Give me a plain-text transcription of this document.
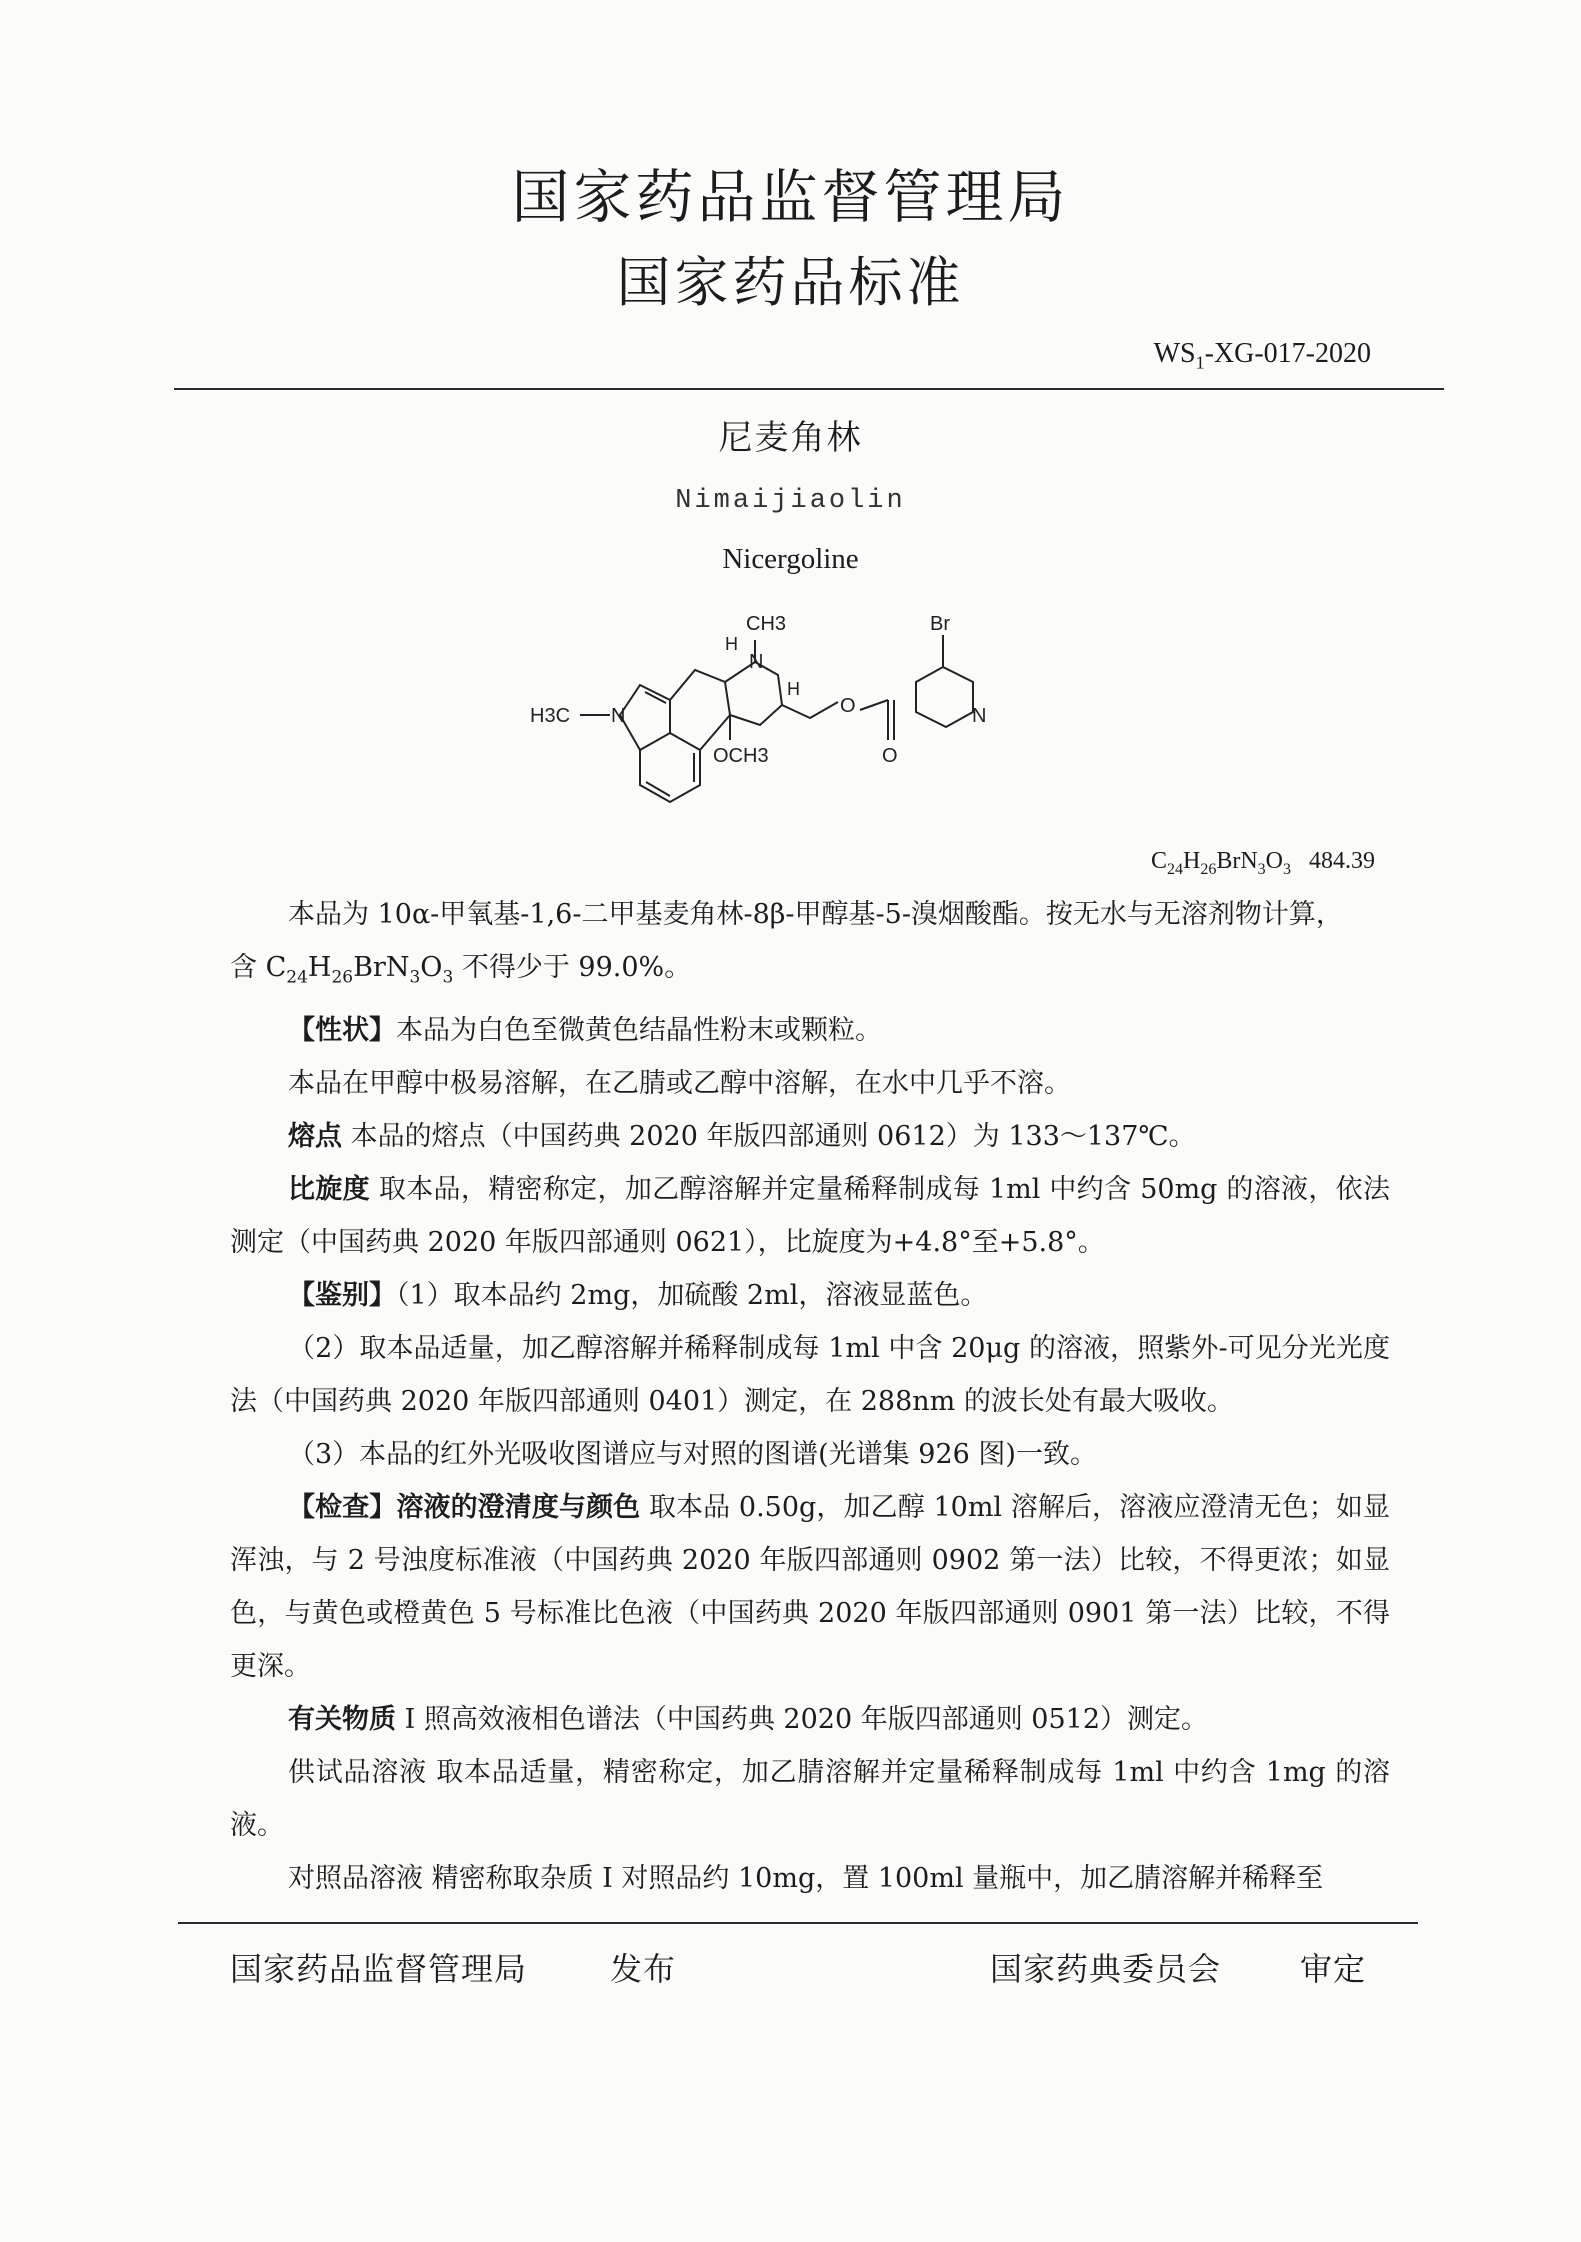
国家药品监督管理局
国家药品标准
$WS_1-XG-017-2020$
尼麦角林
Nimaijiaolin
Nicergoline
CH3
H
N
H3C N
H
O
O
OCH3
Br
N
$C_{24}H_{26}BrN_3O_3$ 484.39

本品为 10α-甲氧基-1,6-二甲基麦角林-8β-甲醇基-5-溴烟酸酯。按无水与无溶剂物计算，

含 $C_{24}H_{26}BrN_3O_3$ 不得少于 99.0%。

【性状】本品为白色至微黄色结晶性粉末或颗粒。

本品在甲醇中极易溶解，在乙腈或乙醇中溶解，在水中几乎不溶。

熔点 本品的熔点（中国药典 2020 年版四部通则 0612）为 133～137℃。

比旋度 取本品，精密称定，加乙醇溶解并定量稀释制成每 1ml 中约含 50mg 的溶液，依法测定（中国药典 2020 年版四部通则 0621），比旋度为+4.8°至+5.8°。

【鉴别】（1）取本品约 2mg，加硫酸 2ml，溶液显蓝色。

（2）取本品适量，加乙醇溶解并稀释制成每 1ml 中含 20μg 的溶液，照紫外-可见分光光度法（中国药典 2020 年版四部通则 0401）测定，在 288nm 的波长处有最大吸收。

（3）本品的红外光吸收图谱应与对照的图谱(光谱集 926 图)一致。

【检查】溶液的澄清度与颜色 取本品 0.50g，加乙醇 10ml 溶解后，溶液应澄清无色；如显浑浊，与 2 号浊度标准液（中国药典 2020 年版四部通则 0902 第一法）比较，不得更浓；如显色，与黄色或橙黄色 5 号标准比色液（中国药典 2020 年版四部通则 0901 第一法）比较，不得更深。

有关物质 Ⅰ 照高效液相色谱法（中国药典 2020 年版四部通则 0512）测定。

供试品溶液 取本品适量，精密称定，加乙腈溶解并定量稀释制成每 1ml 中约含 1mg 的溶液。

对照品溶液 精密称取杂质 I 对照品约 10mg，置 100ml 量瓶中，加乙腈溶解并稀释至

国家药品监督管理局	发布	国家药典委员会 审定
